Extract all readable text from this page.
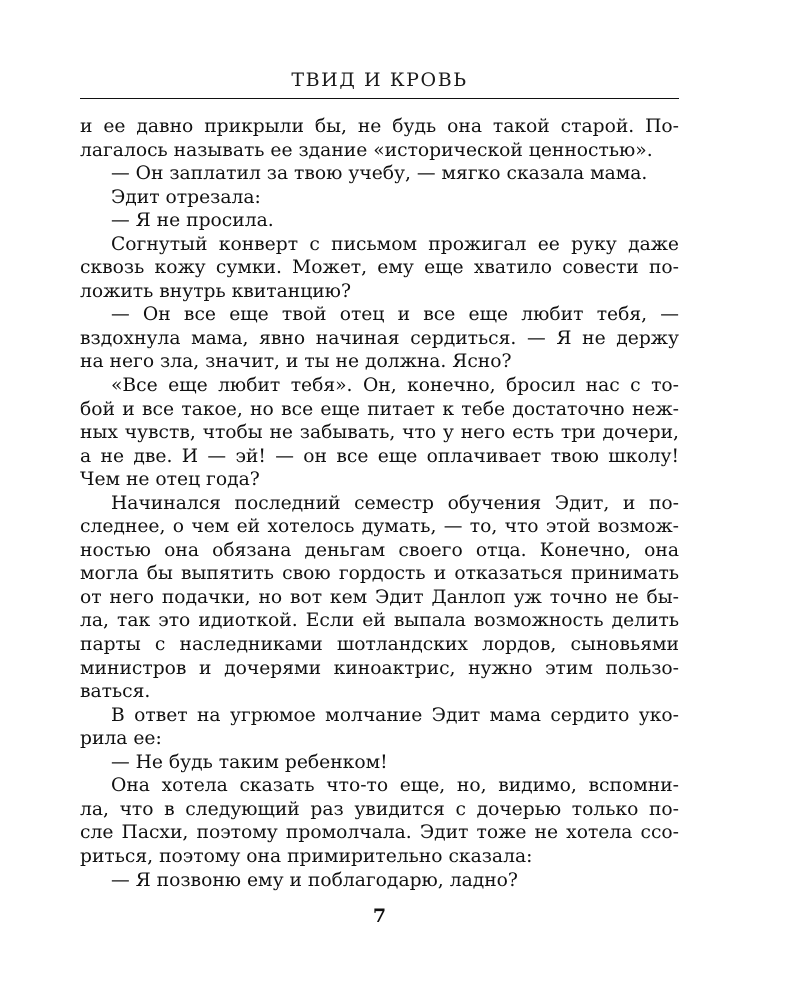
ТВИД И КРОВЬ
и ее давно прикрыли бы, не будь она такой старой. По-
лагалось называть ее здание «исторической ценностью».
— Он заплатил за твою учебу, — мягко сказала мама.
Эдит отрезала:
— Я не просила.
Согнутый конверт с письмом прожигал ее руку даже
сквозь кожу сумки. Может, ему еще хватило совести по-
ложить внутрь квитанцию?
— Он все еще твой отец и все еще любит тебя, —
вздохнула мама, явно начиная сердиться. — Я не держу
на него зла, значит, и ты не должна. Ясно?
«Все еще любит тебя». Он, конечно, бросил нас с то-
бой и все такое, но все еще питает к тебе достаточно неж-
ных чувств, чтобы не забывать, что у него есть три дочери,
а не две. И — эй! — он все еще оплачивает твою школу!
Чем не отец года?
Начинался последний семестр обучения Эдит, и по-
следнее, о чем ей хотелось думать, — то, что этой возмож-
ностью она обязана деньгам своего отца. Конечно, она
могла бы выпятить свою гордость и отказаться принимать
от него подачки, но вот кем Эдит Данлоп уж точно не бы-
ла, так это идиоткой. Если ей выпала возможность делить
парты с наследниками шотландских лордов, сыновьями
министров и дочерями киноактрис, нужно этим пользо-
ваться.
В ответ на угрюмое молчание Эдит мама сердито уко-
рила ее:
— Не будь таким ребенком!
Она хотела сказать что-то еще, но, видимо, вспомни-
ла, что в следующий раз увидится с дочерью только по-
сле Пасхи, поэтому промолчала. Эдит тоже не хотела ссо-
риться, поэтому она примирительно сказала:
— Я позвоню ему и поблагодарю, ладно?
7
